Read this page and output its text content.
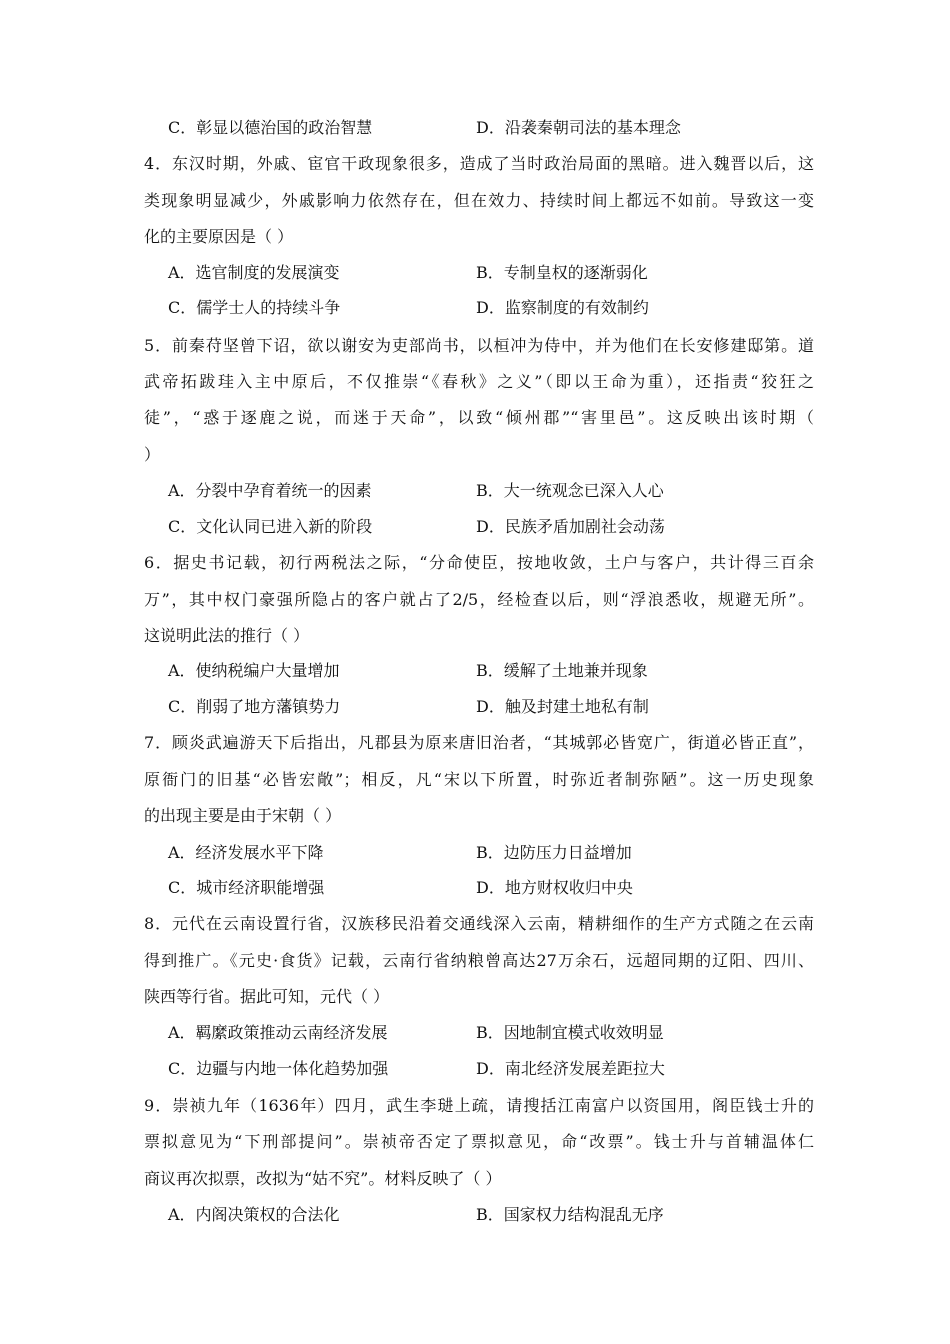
C．彰显以德治国的政治智慧	D．沿袭秦朝司法的基本理念
4．东汉时期，外戚、宦官干政现象很多，造成了当时政治局面的黑暗。进入魏晋以后，这
类现象明显减少，外戚影响力依然存在，但在效力、持续时间上都远不如前。导致这一变
化的主要原因是（ ）
A．选官制度的发展演变	B．专制皇权的逐渐弱化
C．儒学士人的持续斗争	D．监察制度的有效制约
5．前秦苻坚曾下诏，欲以谢安为吏部尚书，以桓冲为侍中，并为他们在长安修建邸第。道
武帝拓跋珪入主中原后，不仅推崇“《春秋》之义”（即以王命为重），还指责“狡狂之
徒”，“惑于逐鹿之说，而迷于天命”，以致“倾州郡”“害里邑”。这反映出该时期（
）
A．分裂中孕育着统一的因素	B．大一统观念已深入人心
C．文化认同已进入新的阶段	D．民族矛盾加剧社会动荡
6．据史书记载，初行两税法之际，“分命使臣，按地收敛，土户与客户，共计得三百余
万”，其中权门豪强所隐占的客户就占了2/5，经检查以后，则“浮浪悉收，规避无所”。
这说明此法的推行（ ）
A．使纳税编户大量增加	B．缓解了土地兼并现象
C．削弱了地方藩镇势力	D．触及封建土地私有制
7．顾炎武遍游天下后指出，凡郡县为原来唐旧治者，“其城郭必皆宽广，街道必皆正直”，
原衙门的旧基“必皆宏敞”；相反，凡“宋以下所置，时弥近者制弥陋”。这一历史现象
的出现主要是由于宋朝（ ）
A．经济发展水平下降	B．边防压力日益增加
C．城市经济职能增强	D．地方财权收归中央
8．元代在云南设置行省，汉族移民沿着交通线深入云南，精耕细作的生产方式随之在云南
得到推广。《元史·食货》记载，云南行省纳粮曾高达27万余石，远超同期的辽阳、四川、
陕西等行省。据此可知，元代（ ）
A．羁縻政策推动云南经济发展	B．因地制宜模式收效明显
C．边疆与内地一体化趋势加强	D．南北经济发展差距拉大
9．崇祯九年（1636年）四月，武生李琎上疏，请搜括江南富户以资国用，阁臣钱士升的
票拟意见为“下刑部提问”。崇祯帝否定了票拟意见，命“改票”。钱士升与首辅温体仁
商议再次拟票，改拟为“姑不究”。材料反映了（ ）
A．内阁决策权的合法化	B．国家权力结构混乱无序
